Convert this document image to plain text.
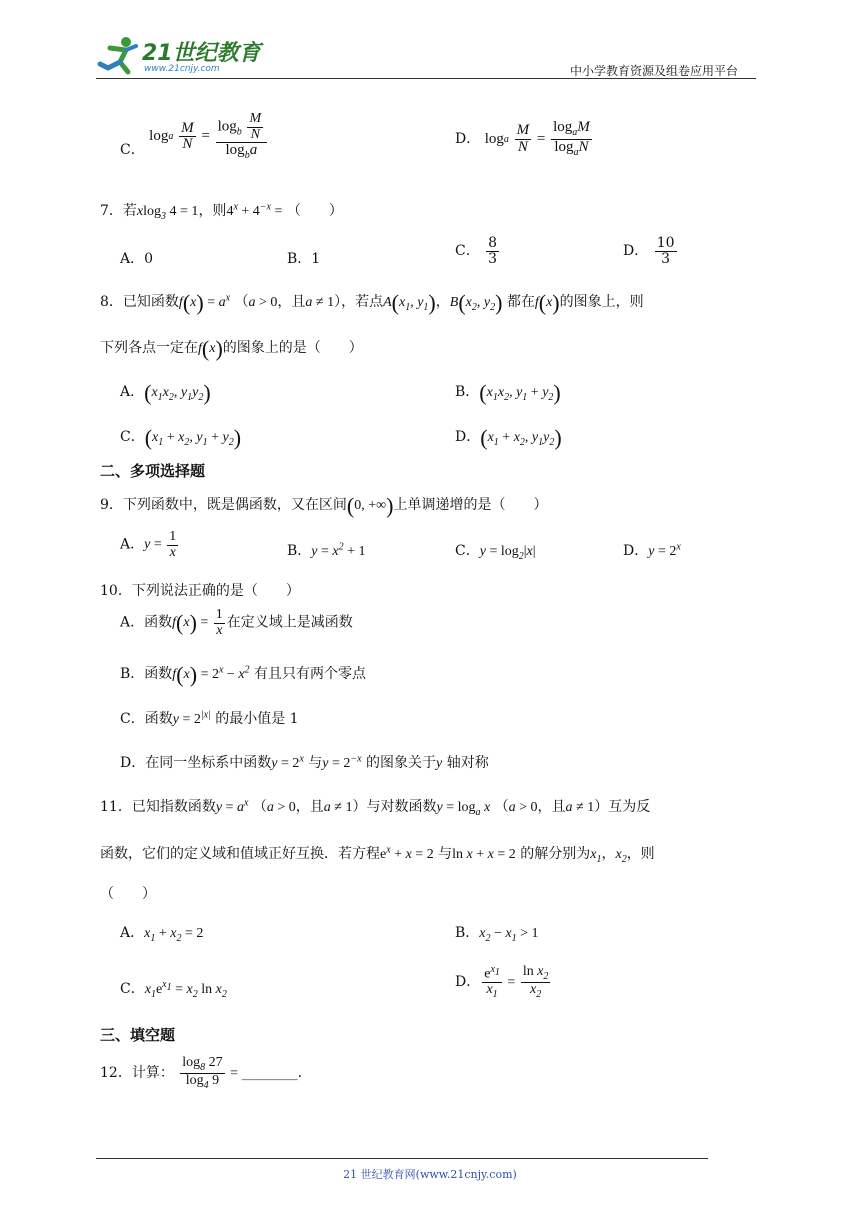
21世纪教育
www.21cnjy.com	中小学教育资源及组卷应用平台
C．
log a
$\frac{M}{N}$
=
$\frac{\log_b \frac{M}{N}}{\log_ba}$	D． log a
$\frac{M}{N}$
=
$\frac{\log_aM}{\log_aN}$
7．若xlog$_3$ 4 = 1，则$4^x + 4^{-x}$ = （　　）
A．0	B．1	C． $\frac{8}{3}$	D． $\frac{10}{3}$
8．已知函数$f(x) = a^x$ （a > 0，且a ≠ 1），若点$A(x_1$, $y_1$)，$B(x_2$, $y_2$) 都在f(x)的图象上，则
下列各点一定在f(x)的图象上的是（　　）
A．($x_1x_2$, $y_1y_2$)	B．($x_1x_2$, $y_1 + y_2$)
C．($x_1 + x_2$, $y_1 + y_2$)	D．($x_1 + x_2$, $y_1y_2$)
二、多项选择题
9．下列函数中，既是偶函数，又在区间(0, +∞)上单调递增的是（　　）
A．$y = \frac{1}{x}$	B．$y = x^2 + 1$	C．$y = \log_2|x|$	D．$y = 2^x$
10．下列说法正确的是（　　）
A．函数$f(x) = \frac{1}{x}$ 在定义域上是减函数
B．函数$f(x) = 2^x - x^2$ 有且只有两个零点
C．函数$y = 2^{|x|}$ 的最小值是 1
D．在同一坐标系中函数$y = 2^x$ 与$y = 2^{-x}$ 的图象关于y 轴对称
11．已知指数函数$y = a^x$ （a > 0，且a ≠ 1）与对数函数$y = \log_a x$ （a > 0，且a ≠ 1）互为反
函数，它们的定义域和值域正好互换．若方程$e^x + x = 2$ 与ln x + x = 2 的解分别为$x_1$，$x_2$，则
（　　）
A．$x_1 + x_2 = 2$	B．$x_2 - x_1 > 1$
C．$x_1e^{x_1} = x_2$ $\ln x_2$
D． $\frac{e^{x_1}}{x_1} = \frac{\ln x_2}{x_2}$
三、填空题
12．计算： $\frac{\log_8 27}{\log_4 9}$ = ________.
21 世纪教育网(www.21cnjy.com)
